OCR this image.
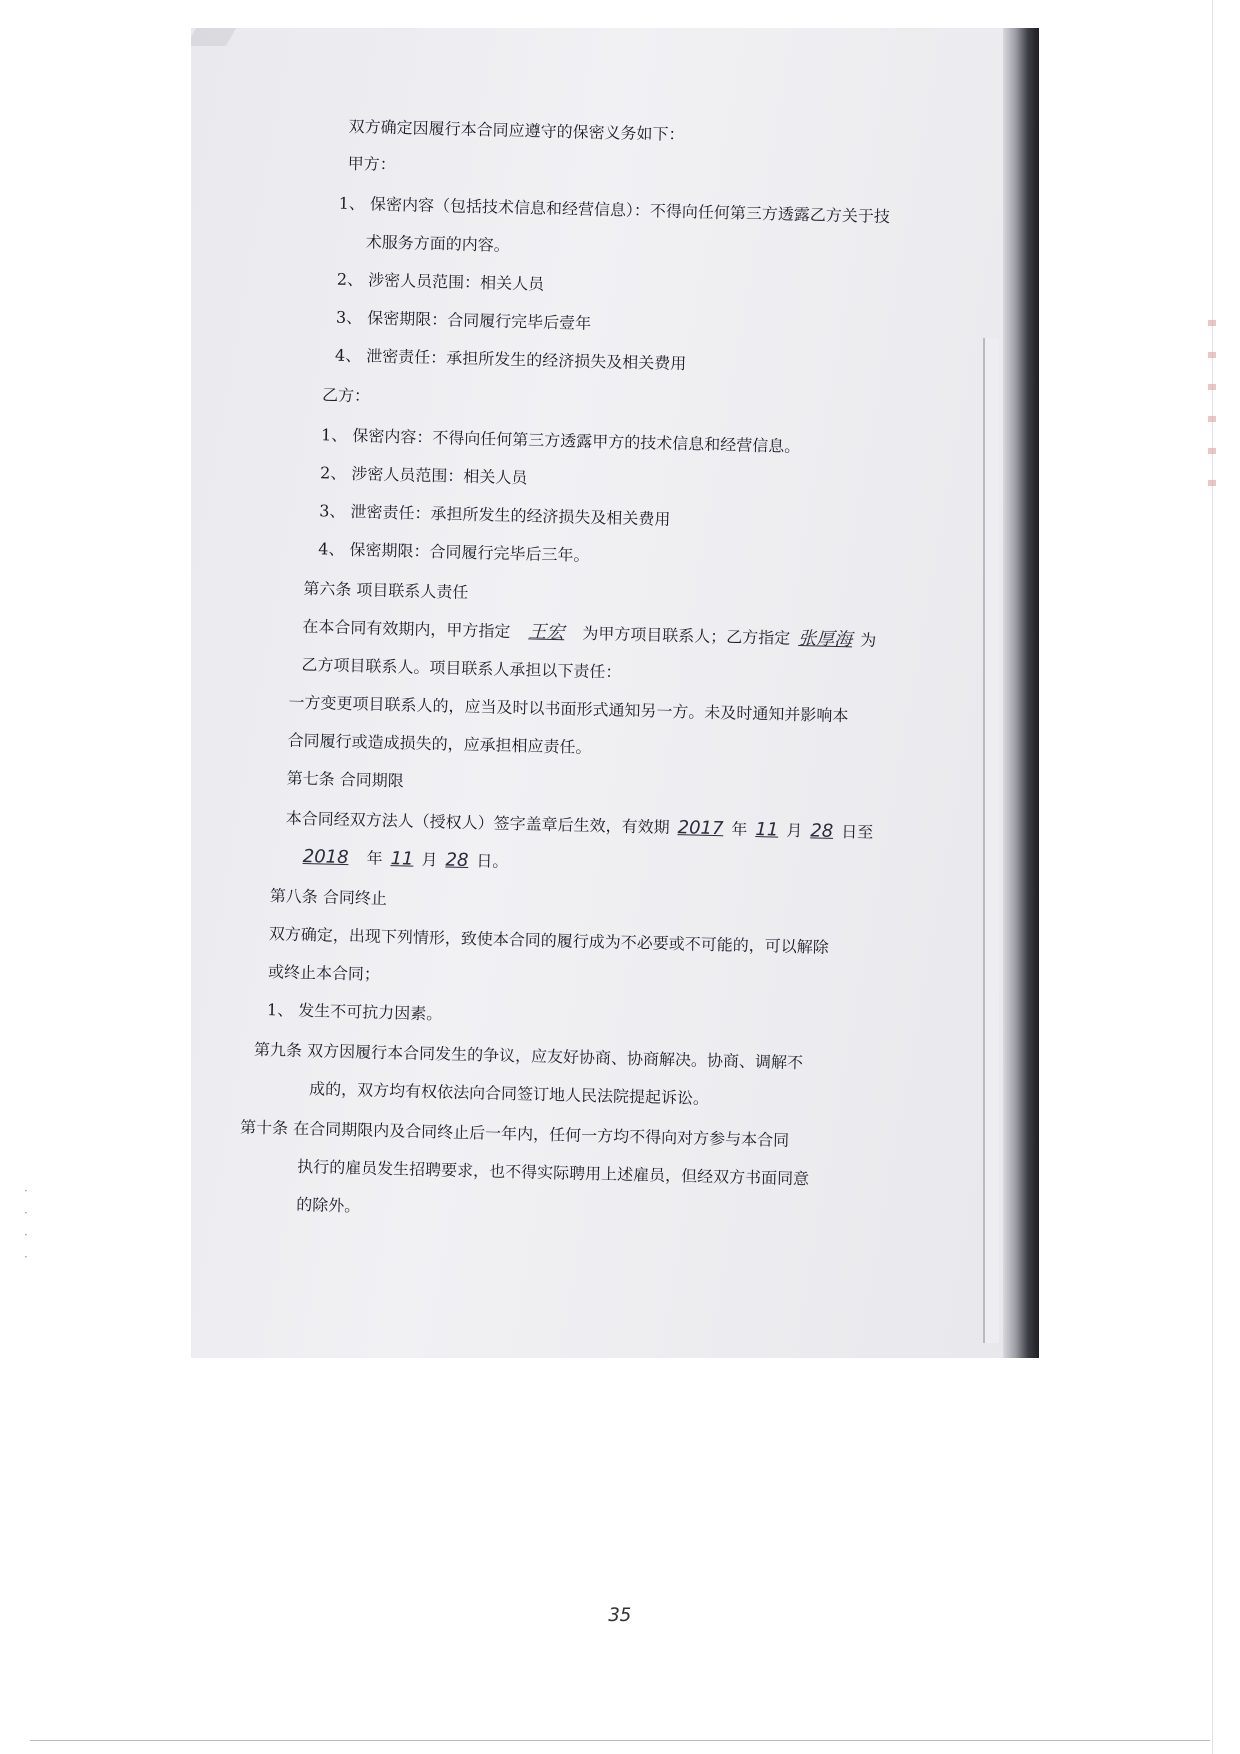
·
·
·
·
双方确定因履行本合同应遵守的保密义务如下：
甲方：
1、 保密内容（包括技术信息和经营信息）：不得向任何第三方透露乙方关于技
术服务方面的内容。
2、 涉密人员范围：相关人员
3、 保密期限：合同履行完毕后壹年
4、 泄密责任：承担所发生的经济损失及相关费用
乙方：
1、 保密内容：不得向任何第三方透露甲方的技术信息和经营信息。
2、 涉密人员范围：相关人员
3、 泄密责任：承担所发生的经济损失及相关费用
4、 保密期限：合同履行完毕后三年。
第六条 项目联系人责任
在本合同有效期内，甲方指定 王宏 为甲方项目联系人；乙方指定 张厚海 为
乙方项目联系人。项目联系人承担以下责任：
一方变更项目联系人的，应当及时以书面形式通知另一方。未及时通知并影响本
合同履行或造成损失的，应承担相应责任。
第七条 合同期限
本合同经双方法人（授权人）签字盖章后生效，有效期 2017 年 11 月 28 日至
2018 年 11 月 28 日。
第八条 合同终止
双方确定，出现下列情形，致使本合同的履行成为不必要或不可能的，可以解除
或终止本合同；
1、 发生不可抗力因素。
第九条 双方因履行本合同发生的争议，应友好协商、协商解决。协商、调解不
成的，双方均有权依法向合同签订地人民法院提起诉讼。
第十条 在合同期限内及合同终止后一年内，任何一方均不得向对方参与本合同
执行的雇员发生招聘要求，也不得实际聘用上述雇员，但经双方书面同意
的除外。
35
